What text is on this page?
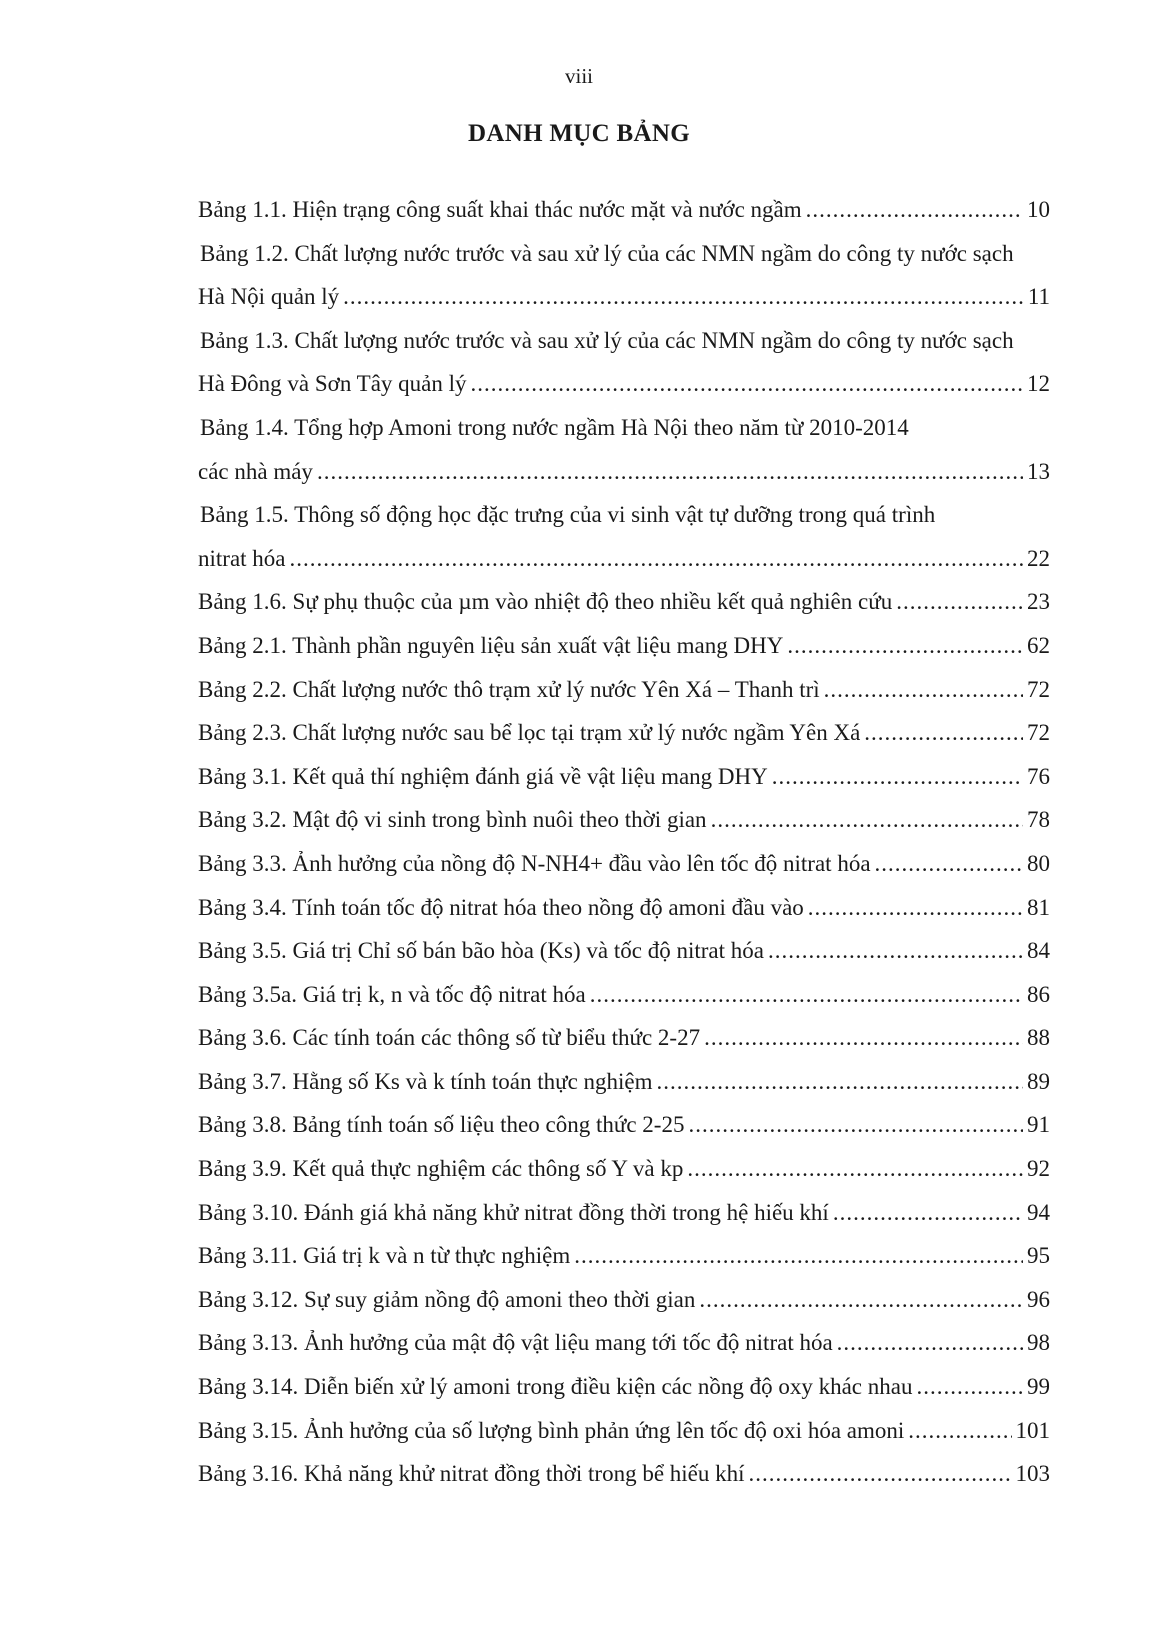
viii
DANH MỤC BẢNG
Bảng 1.1. Hiện trạng công suất khai thác nước mặt và nước ngầm .....	10
Bảng 1.2. Chất lượng nước trước và sau xử lý của các NMN ngầm do công ty nước sạch
Hà Nội quản lý .....	11
Bảng 1.3. Chất lượng nước trước và sau xử lý của các NMN ngầm do công ty nước sạch
Hà Đông và Sơn Tây quản lý .....	12
Bảng 1.4. Tổng hợp Amoni trong nước ngầm Hà Nội theo năm từ 2010-2014
các nhà máy .....	13
Bảng 1.5. Thông số động học đặc trưng của vi sinh vật tự dưỡng trong quá trình
nitrat hóa .....	22
Bảng 1.6. Sự phụ thuộc của µm vào nhiệt độ theo nhiều kết quả nghiên cứu .....	23
Bảng 2.1. Thành phần nguyên liệu sản xuất vật liệu mang DHY .....	62
Bảng 2.2. Chất lượng nước thô trạm xử lý nước Yên Xá – Thanh trì .....	72
Bảng 2.3. Chất lượng nước sau bể lọc tại trạm xử lý nước ngầm Yên Xá .....	72
Bảng 3.1. Kết quả thí nghiệm đánh giá về vật liệu mang DHY .....	76
Bảng 3.2. Mật độ vi sinh trong bình nuôi theo thời gian .....	78
Bảng 3.3. Ảnh hưởng của nồng độ N-NH4+ đầu vào lên tốc độ nitrat hóa .....	80
Bảng 3.4. Tính toán tốc độ nitrat hóa theo nồng độ amoni đầu vào .....	81
Bảng 3.5. Giá trị Chỉ số bán bão hòa (Ks) và tốc độ nitrat hóa .....	84
Bảng 3.5a. Giá trị k, n và tốc độ nitrat hóa .....	86
Bảng 3.6. Các tính toán các thông số từ biểu thức 2-27 .....	88
Bảng 3.7. Hằng số Ks và k tính toán thực nghiệm .....	89
Bảng 3.8. Bảng tính toán số liệu theo công thức 2-25 .....	91
Bảng 3.9. Kết quả thực nghiệm các thông số Y và kp .....	92
Bảng 3.10. Đánh giá khả năng khử nitrat đồng thời trong hệ hiếu khí .....	94
Bảng 3.11. Giá trị k và n từ thực nghiệm .....	95
Bảng 3.12. Sự suy giảm nồng độ amoni theo thời gian .....	96
Bảng 3.13. Ảnh hưởng của mật độ vật liệu mang tới tốc độ nitrat hóa .....	98
Bảng 3.14. Diễn biến xử lý amoni trong điều kiện các nồng độ oxy khác nhau .....	99
Bảng 3.15. Ảnh hưởng của số lượng bình phản ứng lên tốc độ oxi hóa amoni .....	101
Bảng 3.16. Khả năng khử nitrat đồng thời trong bể hiếu khí .....	103
